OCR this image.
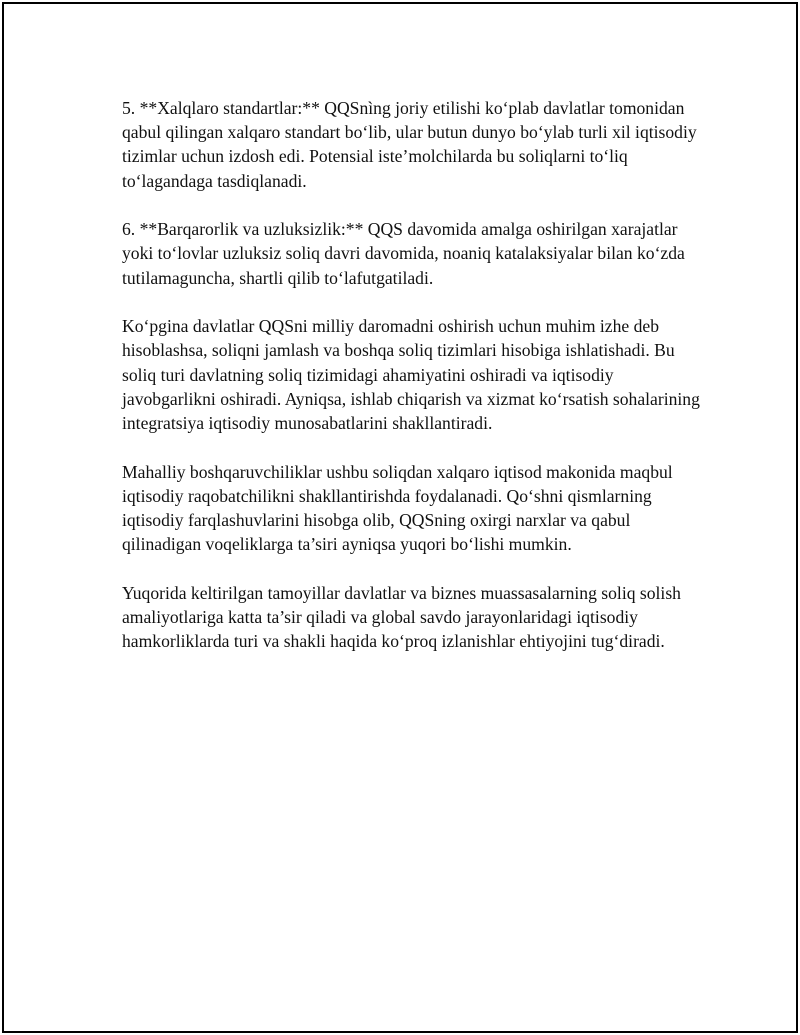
5. **Xalqlaro standartlar:** QQSnìng joriy etilishi ko‘plab davlatlar tomonidan qabul qilingan xalqaro standart bo‘lib, ular butun dunyo bo‘ylab turli xil iqtisodiy tizimlar uchun izdosh edi. Potensial iste’molchilarda bu soliqlarni to‘liq to‘lagandaga tasdiqlanadi.

6. **Barqarorlik va uzluksizlik:** QQS davomida amalga oshirilgan xarajatlar yoki to‘lovlar uzluksiz soliq davri davomida, noaniq katalaksiyalar bilan ko‘zda tutilamaguncha, shartli qilib to‘lafutgatiladi.

Ko‘pgina davlatlar QQSni milliy daromadni oshirish uchun muhim izhe deb hisoblashsa, soliqni jamlash va boshqa soliq tizimlari hisobiga ishlatishadi. Bu soliq turi davlatning soliq tizimidagi ahamiyatini oshiradi va iqtisodiy javobgarlikni oshiradi. Ayniqsa, ishlab chiqarish va xizmat ko‘rsatish sohalarining integratsiya iqtisodiy munosabatlarini shakllantiradi.

Mahalliy boshqaruvchiliklar ushbu soliqdan xalqaro iqtisod makonida maqbul iqtisodiy raqobatchilikni shakllantirishda foydalanadi. Qo‘shni qismlarning iqtisodiy farqlashuvlarini hisobga olib, QQSning oxirgi narxlar va qabul qilinadigan voqeliklarga ta’siri ayniqsa yuqori bo‘lishi mumkin.

Yuqorida keltirilgan tamoyillar davlatlar va biznes muassasalarning soliq solish amaliyotlariga katta ta’sir qiladi va global savdo jarayonlaridagi iqtisodiy hamkorliklarda turi va shakli haqida ko‘proq izlanishlar ehtiyojini tug‘diradi.
